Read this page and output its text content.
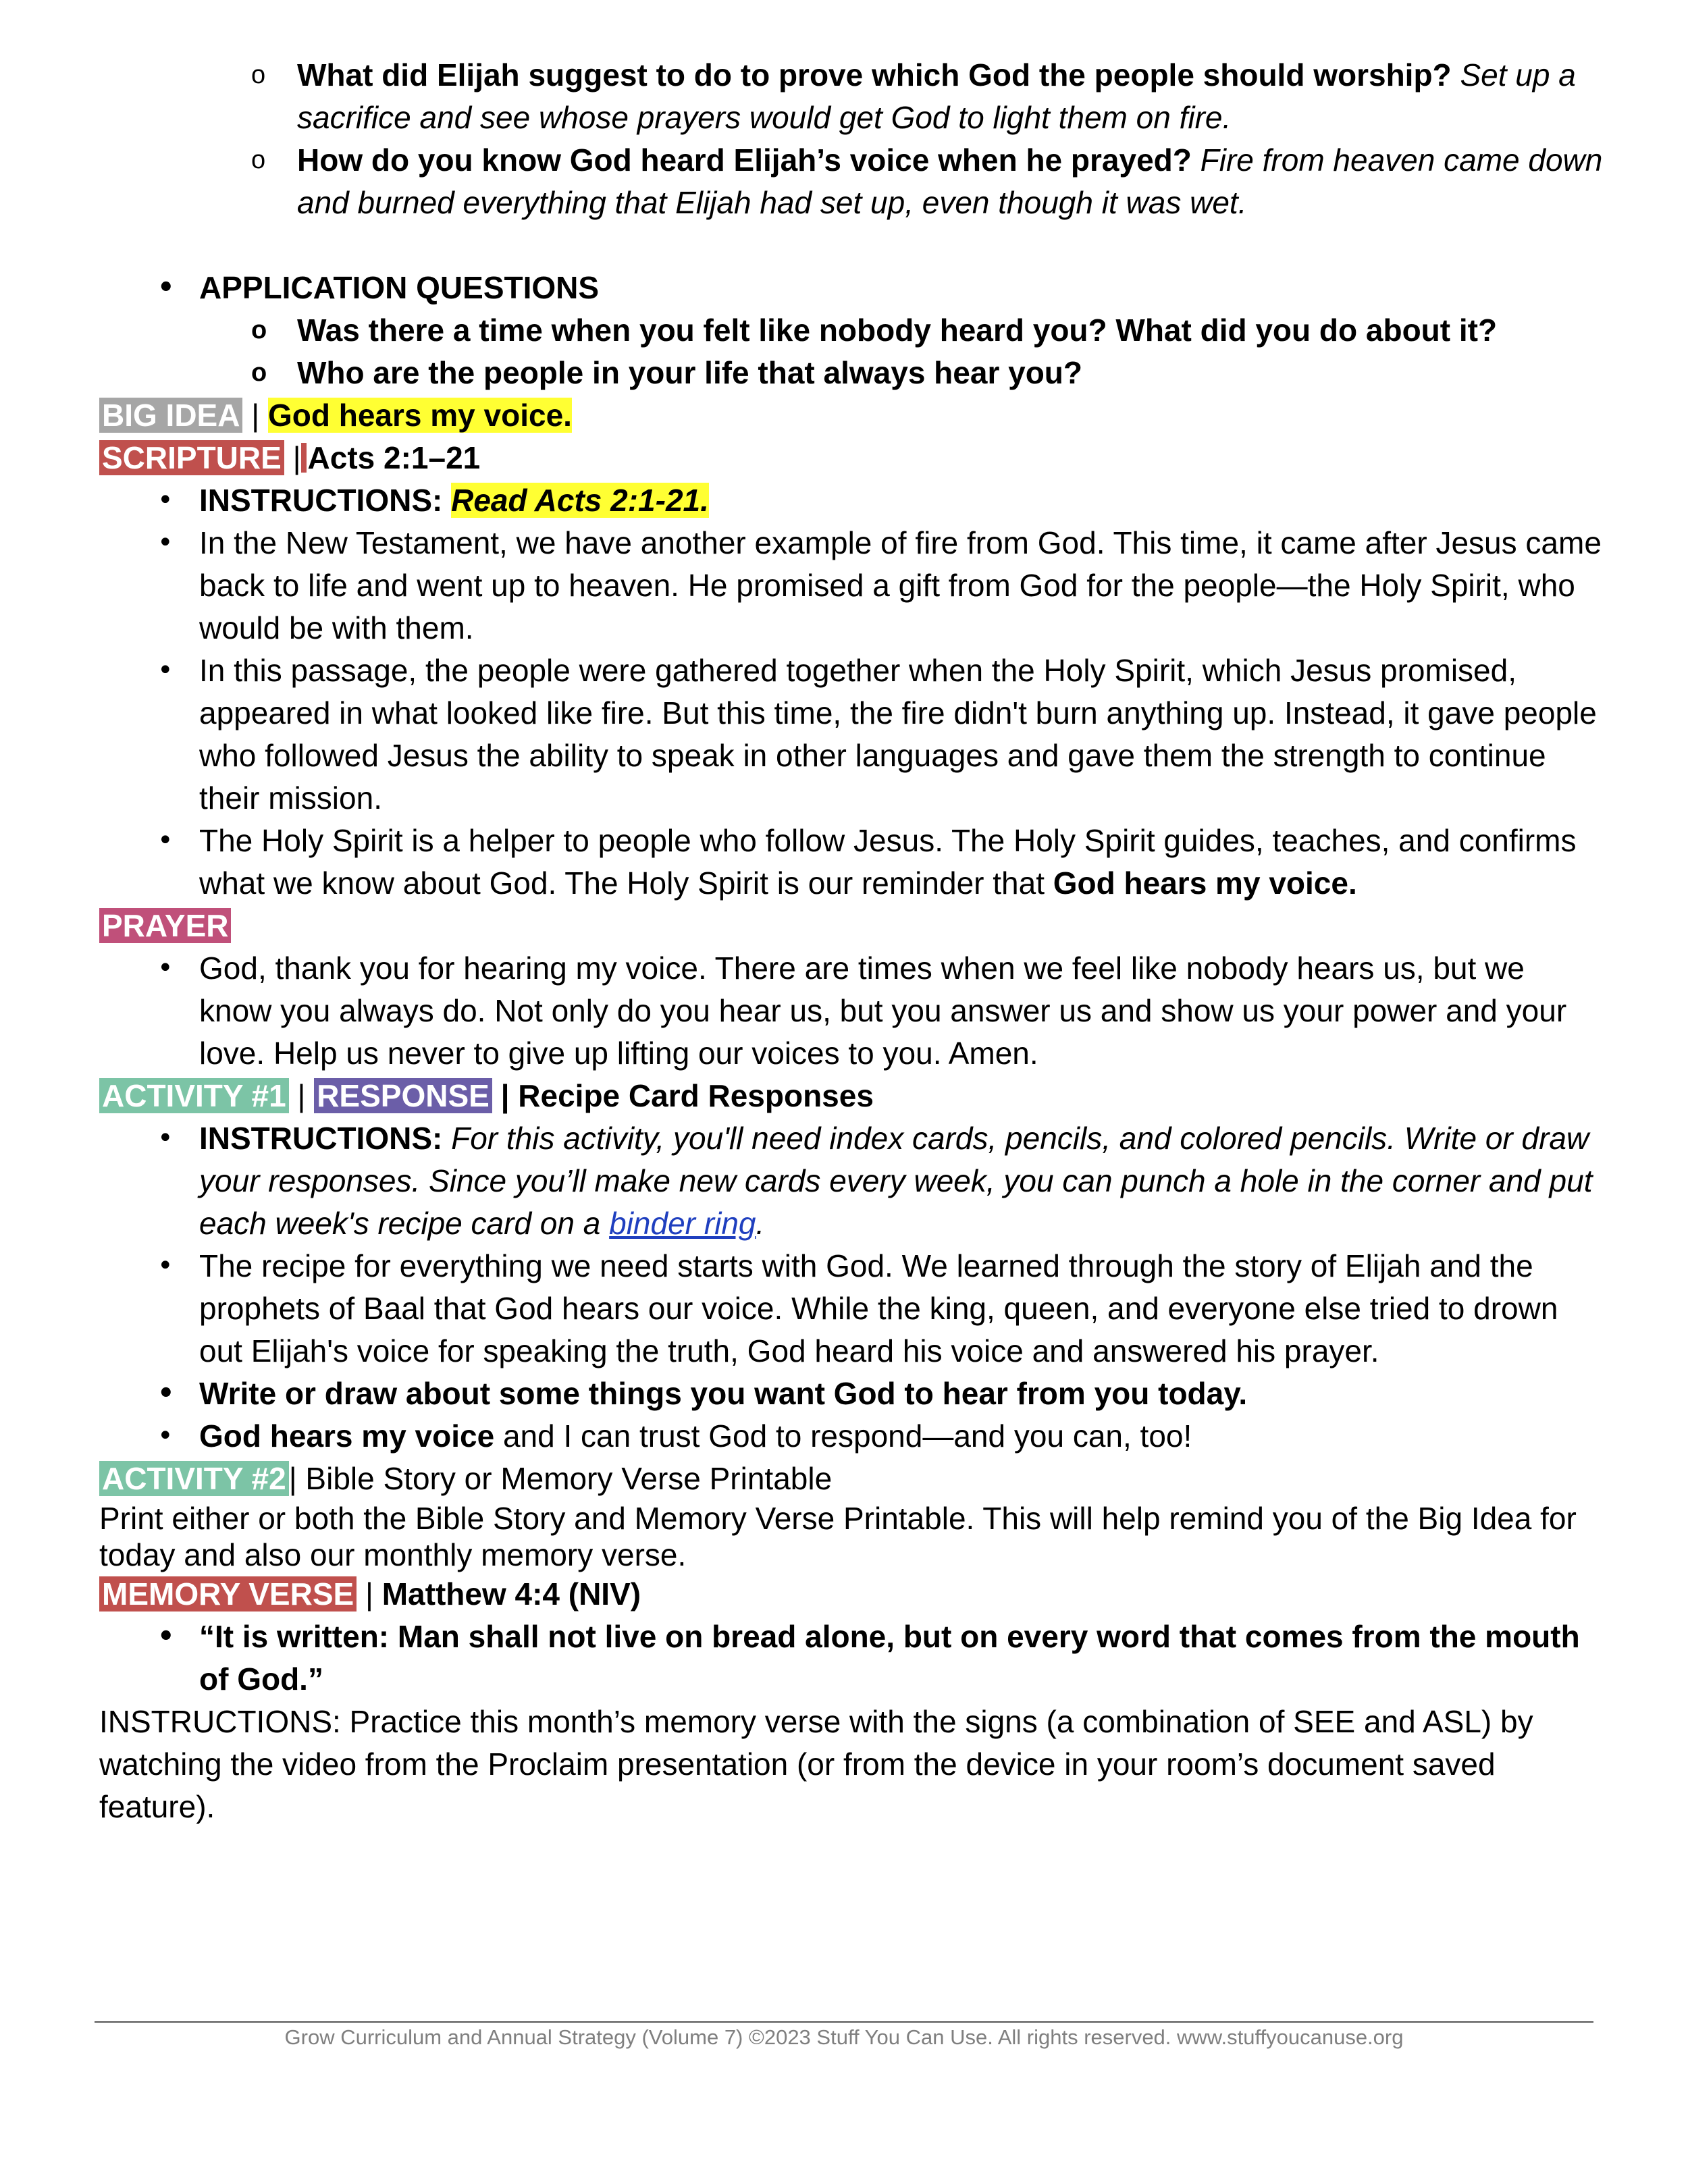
o What did Elijah suggest to do to prove which God the people should worship? Set up a sacrifice and see whose prayers would get God to light them on fire.
o How do you know God heard Elijah’s voice when he prayed? Fire from heaven came down and burned everything that Elijah had set up, even though it was wet.
• APPLICATION QUESTIONS
o Was there a time when you felt like nobody heard you? What did you do about it?
o Who are the people in your life that always hear you?
BIG IDEA | God hears my voice.
SCRIPTURE | Acts 2:1–21
• INSTRUCTIONS: Read Acts 2:1-21.
• In the New Testament, we have another example of fire from God. This time, it came after Jesus came back to life and went up to heaven. He promised a gift from God for the people—the Holy Spirit, who would be with them.
• In this passage, the people were gathered together when the Holy Spirit, which Jesus promised, appeared in what looked like fire. But this time, the fire didn't burn anything up. Instead, it gave people who followed Jesus the ability to speak in other languages and gave them the strength to continue their mission.
• The Holy Spirit is a helper to people who follow Jesus. The Holy Spirit guides, teaches, and confirms what we know about God. The Holy Spirit is our reminder that God hears my voice.
PRAYER
• God, thank you for hearing my voice. There are times when we feel like nobody hears us, but we know you always do. Not only do you hear us, but you answer us and show us your power and your love. Help us never to give up lifting our voices to you. Amen.
ACTIVITY #1 | RESPONSE | Recipe Card Responses
• INSTRUCTIONS: For this activity, you'll need index cards, pencils, and colored pencils. Write or draw your responses. Since you’ll make new cards every week, you can punch a hole in the corner and put each week's recipe card on a binder ring.
• The recipe for everything we need starts with God. We learned through the story of Elijah and the prophets of Baal that God hears our voice. While the king, queen, and everyone else tried to drown out Elijah's voice for speaking the truth, God heard his voice and answered his prayer.
• Write or draw about some things you want God to hear from you today.
• God hears my voice and I can trust God to respond—and you can, too!
ACTIVITY #2| Bible Story or Memory Verse Printable
Print either or both the Bible Story and Memory Verse Printable. This will help remind you of the Big Idea for today and also our monthly memory verse.
MEMORY VERSE | Matthew 4:4 (NIV)
• “It is written: Man shall not live on bread alone, but on every word that comes from the mouth of God.”
INSTRUCTIONS: Practice this month’s memory verse with the signs (a combination of SEE and ASL) by watching the video from the Proclaim presentation (or from the device in your room’s document saved feature).
Grow Curriculum and Annual Strategy (Volume 7) ©2023 Stuff You Can Use. All rights reserved. www.stuffyoucanuse.org
